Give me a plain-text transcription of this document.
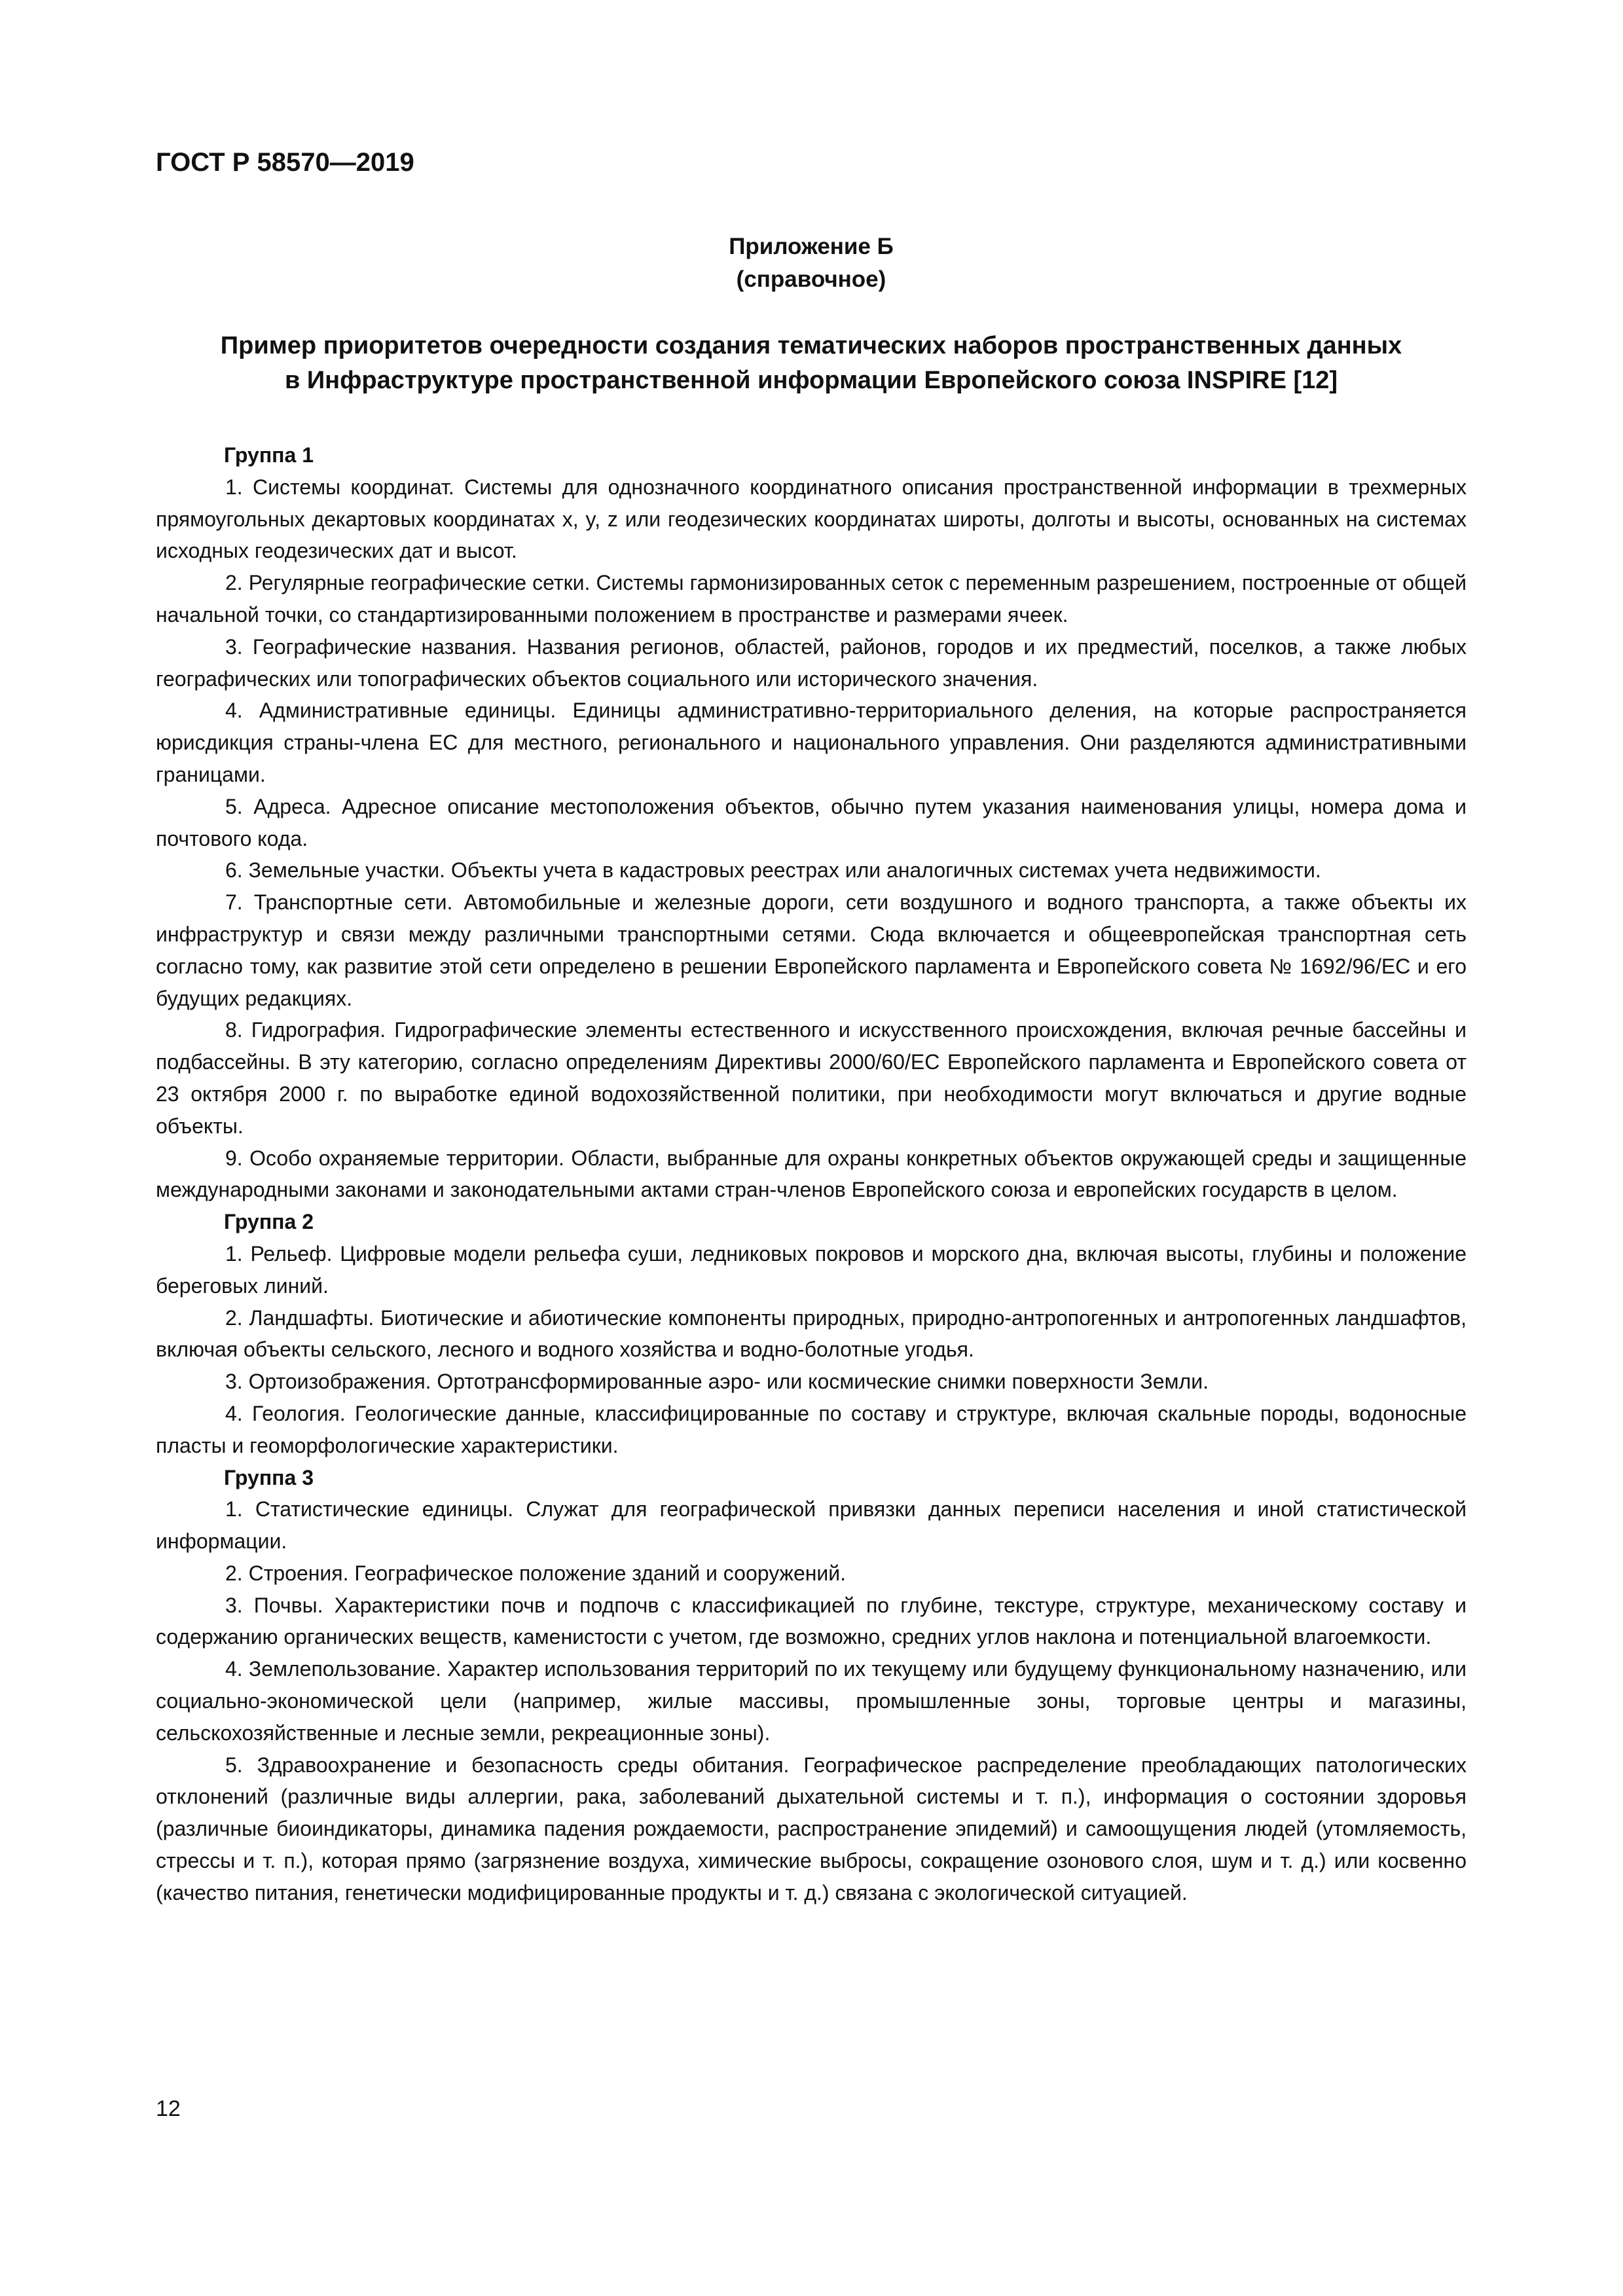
ГОСТ Р 58570—2019
Приложение Б
(справочное)
Пример приоритетов очередности создания тематических наборов пространственных данных
в Инфраструктуре пространственной информации Европейского союза INSPIRE [12]

Группа 1

1. Системы координат. Системы для однозначного координатного описания пространственной информации в трехмерных прямоугольных декартовых координатах x, y, z или геодезических координатах широты, долготы и высоты, основанных на системах исходных геодезических дат и высот.

2. Регулярные географические сетки. Системы гармонизированных сеток с переменным разрешением, построенные от общей начальной точки, со стандартизированными положением в пространстве и размерами ячеек.

3. Географические названия. Названия регионов, областей, районов, городов и их предместий, поселков, а также любых географических или топографических объектов социального или исторического значения.

4. Административные единицы. Единицы административно-территориального деления, на которые распространяется юрисдикция страны-члена ЕС для местного, регионального и национального управления. Они разделяются административными границами.

5. Адреса. Адресное описание местоположения объектов, обычно путем указания наименования улицы, номера дома и почтового кода.

6. Земельные участки. Объекты учета в кадастровых реестрах или аналогичных системах учета недвижимости.

7. Транспортные сети. Автомобильные и железные дороги, сети воздушного и водного транспорта, а также объекты их инфраструктур и связи между различными транспортными сетями. Сюда включается и общеевропейская транспортная сеть согласно тому, как развитие этой сети определено в решении Европейского парламента и Европейского совета № 1692/96/ЕС и его будущих редакциях.

8. Гидрография. Гидрографические элементы естественного и искусственного происхождения, включая речные бассейны и подбассейны. В эту категорию, согласно определениям Директивы 2000/60/ЕС Европейского парламента и Европейского совета от 23 октября 2000 г. по выработке единой водохозяйственной политики, при необходимости могут включаться и другие водные объекты.

9. Особо охраняемые территории. Области, выбранные для охраны конкретных объектов окружающей среды и защищенные международными законами и законодательными актами стран-членов Европейского союза и европейских государств в целом.

Группа 2

1. Рельеф. Цифровые модели рельефа суши, ледниковых покровов и морского дна, включая высоты, глубины и положение береговых линий.

2. Ландшафты. Биотические и абиотические компоненты природных, природно-антропогенных и антропогенных ландшафтов, включая объекты сельского, лесного и водного хозяйства и водно-болотные угодья.

3. Ортоизображения. Ортотрансформированные аэро- или космические снимки поверхности Земли.

4. Геология. Геологические данные, классифицированные по составу и структуре, включая скальные породы, водоносные пласты и геоморфологические характеристики.

Группа 3

1. Статистические единицы. Служат для географической привязки данных переписи населения и иной статистической информации.

2. Строения. Географическое положение зданий и сооружений.

3. Почвы. Характеристики почв и подпочв с классификацией по глубине, текстуре, структуре, механическому составу и содержанию органических веществ, каменистости с учетом, где возможно, средних углов наклона и потенциальной влагоемкости.

4. Землепользование. Характер использования территорий по их текущему или будущему функциональному назначению, или социально-экономической цели (например, жилые массивы, промышленные зоны, торговые центры и магазины, сельскохозяйственные и лесные земли, рекреационные зоны).

5. Здравоохранение и безопасность среды обитания. Географическое распределение преобладающих патологических отклонений (различные виды аллергии, рака, заболеваний дыхательной системы и т. п.), информация о состоянии здоровья (различные биоиндикаторы, динамика падения рождаемости, распространение эпидемий) и самоощущения людей (утомляемость, стрессы и т. п.), которая прямо (загрязнение воздуха, химические выбросы, сокращение озонового слоя, шум и т. д.) или косвенно (качество питания, генетически модифицированные продукты и т. д.) связана с экологической ситуацией.

12
